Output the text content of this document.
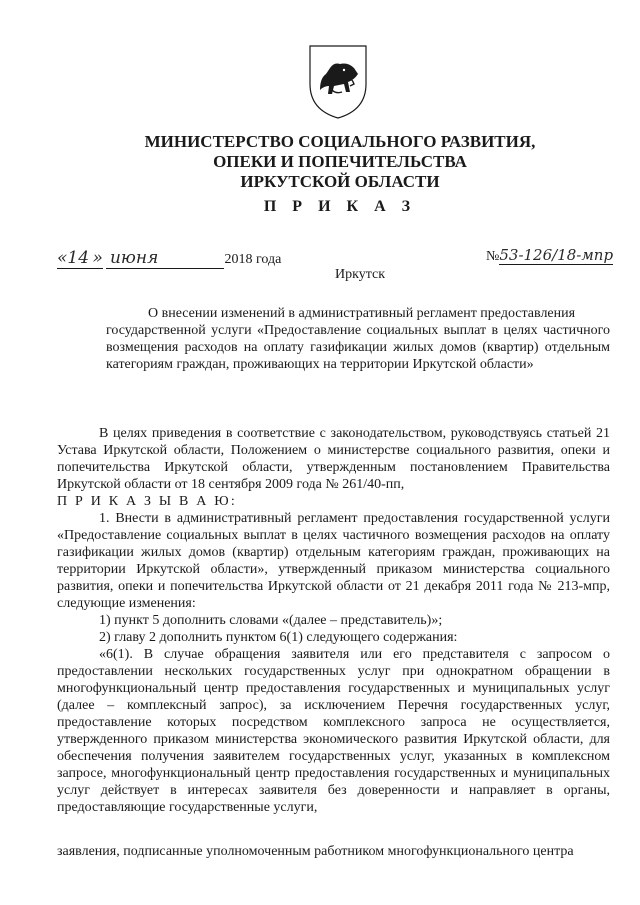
МИНИСТЕРСТВО СОЦИАЛЬНОГО РАЗВИТИЯ,
ОПЕКИ И ПОПЕЧИТЕЛЬСТВА
ИРКУТСКОЙ ОБЛАСТИ
П Р И К А З
«14 » июня	2018 года	№53-126/18-мпр
Иркутск

О внесении изменений в административный регламент предоставления

государственной услуги «Предоставление социальных выплат в целях частичного возмещения расходов на оплату газификации жилых домов (квартир) отдельным категориям граждан, проживающих на территории Иркутской области»

В целях приведения в соответствие с законодательством, руководствуясь статьей 21 Устава Иркутской области, Положением о министерстве социального развития, опеки и попечительства Иркутской области, утвержденным постановлением Правительства Иркутской области от 18 сентября 2009 года № 261/40-пп,

П Р И К А З Ы В А Ю:

1. Внести в административный регламент предоставления государственной услуги «Предоставление социальных выплат в целях частичного возмещения расходов на оплату газификации жилых домов (квартир) отдельным категориям граждан, проживающих на территории Иркутской области», утвержденный приказом министерства социального развития, опеки и попечительства Иркутской области от 21 декабря 2011 года № 213-мпр, следующие изменения:

1) пункт 5 дополнить словами «(далее – представитель)»;

2) главу 2 дополнить пунктом 6(1) следующего содержания:

«6(1). В случае обращения заявителя или его представителя с запросом о предоставлении нескольких государственных услуг при однократном обращении в многофункциональный центр предоставления государственных и муниципальных услуг (далее – комплексный запрос), за исключением Перечня государственных услуг, предоставление которых посредством комплексного запроса не осуществляется, утвержденного приказом министерства экономического развития Иркутской области, для обеспечения получения заявителем государственных услуг, указанных в комплексном запросе, многофункциональный центр предоставления государственных и муниципальных услуг действует в интересах заявителя без доверенности и направляет в органы, предоставляющие государственные услуги,

заявления, подписанные уполномоченным работником многофункционального центра
